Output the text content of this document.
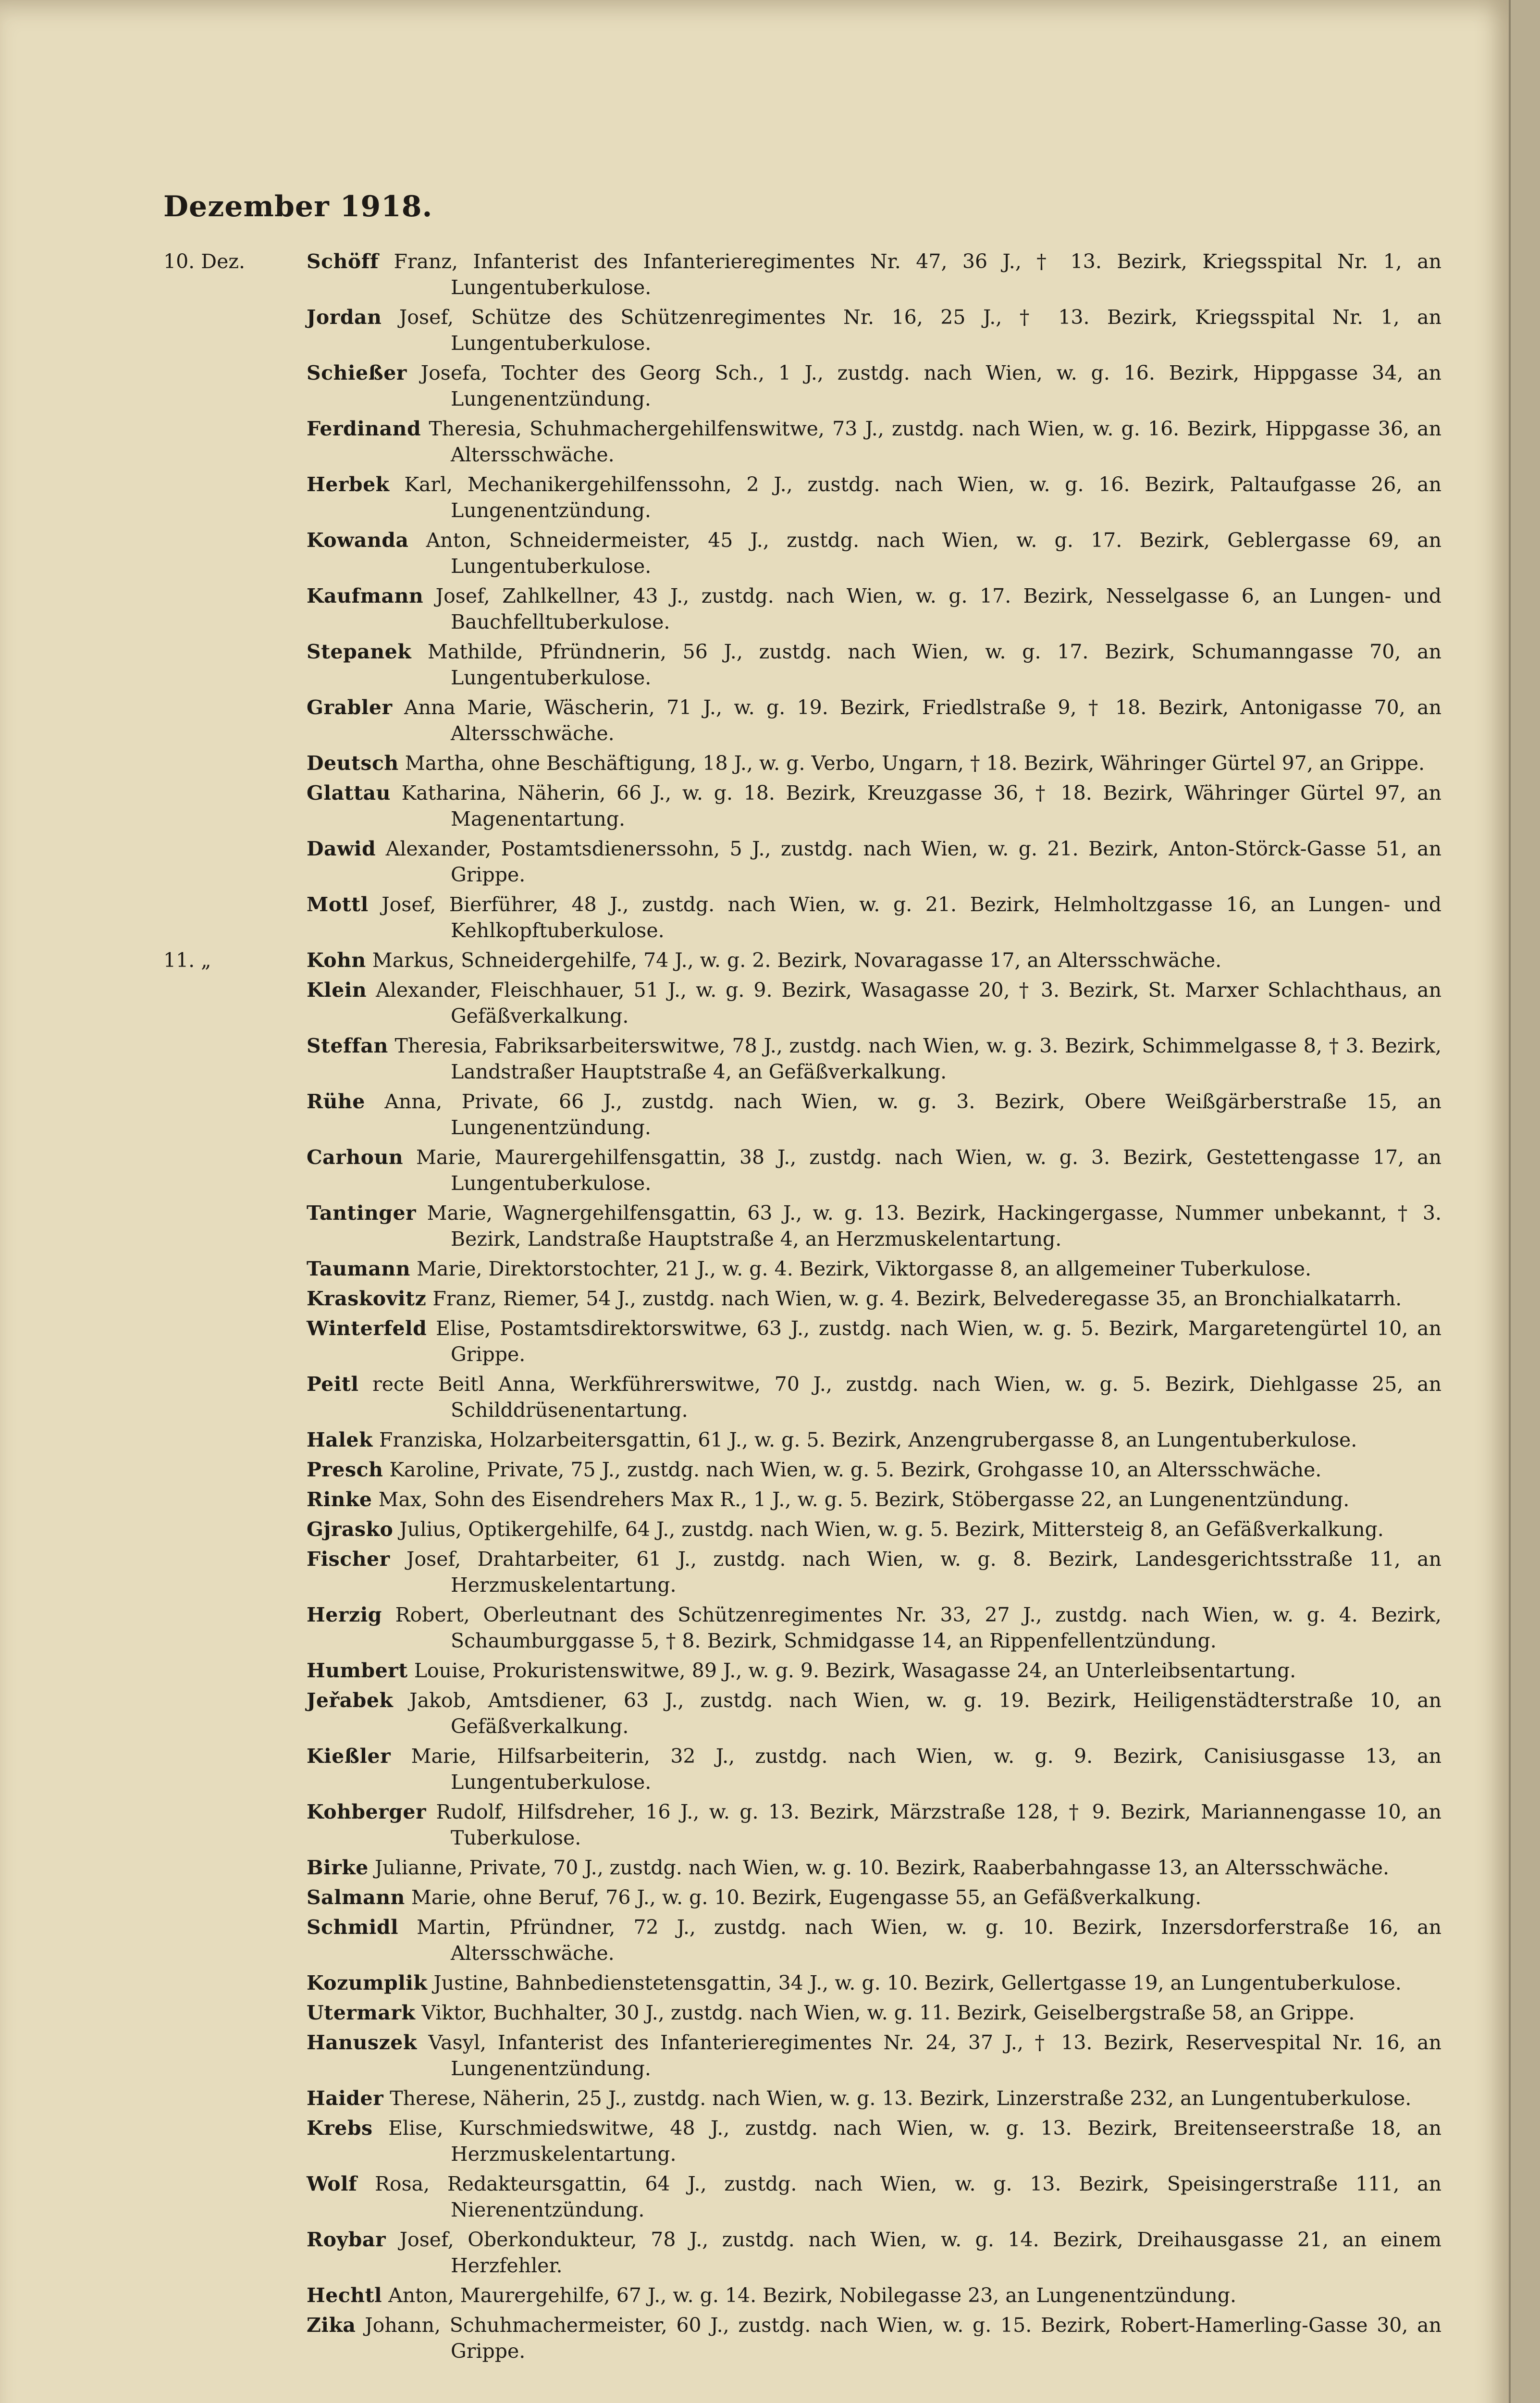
Dezember 1918.
10. Dez.	Schöff Franz, Infanterist des Infanterieregimentes Nr. 47, 36 J., † 13. Bezirk, Kriegsspital Nr. 1, an Lungentuberkulose.
Jordan Josef, Schütze des Schützenregimentes Nr. 16, 25 J., † 13. Bezirk, Kriegsspital Nr. 1, an Lungentuberkulose.
Schießer Josefa, Tochter des Georg Sch., 1 J., zustdg. nach Wien, w. g. 16. Bezirk, Hippgasse 34, an Lungenentzündung.
Ferdinand Theresia, Schuhmachergehilfenswitwe, 73 J., zustdg. nach Wien, w. g. 16. Bezirk, Hippgasse 36, an Altersschwäche.
Herbek Karl, Mechanikergehilfenssohn, 2 J., zustdg. nach Wien, w. g. 16. Bezirk, Paltaufgasse 26, an Lungenentzündung.
Kowanda Anton, Schneidermeister, 45 J., zustdg. nach Wien, w. g. 17. Bezirk, Geblergasse 69, an Lungentuberkulose.
Kaufmann Josef, Zahlkellner, 43 J., zustdg. nach Wien, w. g. 17. Bezirk, Nesselgasse 6, an Lungen- und Bauchfelltuberkulose.
Stepanek Mathilde, Pfründnerin, 56 J., zustdg. nach Wien, w. g. 17. Bezirk, Schumanngasse 70, an Lungentuberkulose.
Grabler Anna Marie, Wäscherin, 71 J., w. g. 19. Bezirk, Friedlstraße 9, † 18. Bezirk, Antonigasse 70, an Altersschwäche.
Deutsch Martha, ohne Beschäftigung, 18 J., w. g. Verbo, Ungarn, † 18. Bezirk, Währinger Gürtel 97, an Grippe.
Glattau Katharina, Näherin, 66 J., w. g. 18. Bezirk, Kreuzgasse 36, † 18. Bezirk, Währinger Gürtel 97, an Magenentartung.
Dawid Alexander, Postamtsdienerssohn, 5 J., zustdg. nach Wien, w. g. 21. Bezirk, Anton-Störck-Gasse 51, an Grippe.
Mottl Josef, Bierführer, 48 J., zustdg. nach Wien, w. g. 21. Bezirk, Helmholtzgasse 16, an Lungen- und Kehlkopftuberkulose.
11. „	Kohn Markus, Schneidergehilfe, 74 J., w. g. 2. Bezirk, Novaragasse 17, an Altersschwäche.
Klein Alexander, Fleischhauer, 51 J., w. g. 9. Bezirk, Wasagasse 20, † 3. Bezirk, St. Marxer Schlachthaus, an Gefäßverkalkung.
Steffan Theresia, Fabriksarbeiterswitwe, 78 J., zustdg. nach Wien, w. g. 3. Bezirk, Schimmelgasse 8, † 3. Bezirk, Landstraßer Hauptstraße 4, an Gefäßverkalkung.
Rühe Anna, Private, 66 J., zustdg. nach Wien, w. g. 3. Bezirk, Obere Weißgärberstraße 15, an Lungenentzündung.
Carhoun Marie, Maurergehilfensgattin, 38 J., zustdg. nach Wien, w. g. 3. Bezirk, Gestettengasse 17, an Lungentuberkulose.
Tantinger Marie, Wagnergehilfensgattin, 63 J., w. g. 13. Bezirk, Hackingergasse, Nummer unbekannt, † 3. Bezirk, Landstraße Hauptstraße 4, an Herzmuskelentartung.
Taumann Marie, Direktorstochter, 21 J., w. g. 4. Bezirk, Viktorgasse 8, an allgemeiner Tuberkulose.
Kraskovitz Franz, Riemer, 54 J., zustdg. nach Wien, w. g. 4. Bezirk, Belvederegasse 35, an Bronchialkatarrh.
Winterfeld Elise, Postamtsdirektorswitwe, 63 J., zustdg. nach Wien, w. g. 5. Bezirk, Margaretengürtel 10, an Grippe.
Peitl recte Beitl Anna, Werkführerswitwe, 70 J., zustdg. nach Wien, w. g. 5. Bezirk, Diehlgasse 25, an Schilddrüsenentartung.
Halek Franziska, Holzarbeitersgattin, 61 J., w. g. 5. Bezirk, Anzengrubergasse 8, an Lungentuberkulose.
Presch Karoline, Private, 75 J., zustdg. nach Wien, w. g. 5. Bezirk, Grohgasse 10, an Altersschwäche.
Rinke Max, Sohn des Eisendrehers Max R., 1 J., w. g. 5. Bezirk, Stöbergasse 22, an Lungenentzündung.
Gjrasko Julius, Optikergehilfe, 64 J., zustdg. nach Wien, w. g. 5. Bezirk, Mittersteig 8, an Gefäßverkalkung.
Fischer Josef, Drahtarbeiter, 61 J., zustdg. nach Wien, w. g. 8. Bezirk, Landesgerichtsstraße 11, an Herzmuskelentartung.
Herzig Robert, Oberleutnant des Schützenregimentes Nr. 33, 27 J., zustdg. nach Wien, w. g. 4. Bezirk, Schaumburggasse 5, † 8. Bezirk, Schmidgasse 14, an Rippenfellentzündung.
Humbert Louise, Prokuristenswitwe, 89 J., w. g. 9. Bezirk, Wasagasse 24, an Unterleibsentartung.
Jeřabek Jakob, Amtsdiener, 63 J., zustdg. nach Wien, w. g. 19. Bezirk, Heiligenstädterstraße 10, an Gefäßverkalkung.
Kießler Marie, Hilfsarbeiterin, 32 J., zustdg. nach Wien, w. g. 9. Bezirk, Canisiusgasse 13, an Lungentuberkulose.
Kohberger Rudolf, Hilfsdreher, 16 J., w. g. 13. Bezirk, Märzstraße 128, † 9. Bezirk, Mariannengasse 10, an Tuberkulose.
Birke Julianne, Private, 70 J., zustdg. nach Wien, w. g. 10. Bezirk, Raaberbahngasse 13, an Altersschwäche.
Salmann Marie, ohne Beruf, 76 J., w. g. 10. Bezirk, Eugengasse 55, an Gefäßverkalkung.
Schmidl Martin, Pfründner, 72 J., zustdg. nach Wien, w. g. 10. Bezirk, Inzersdorferstraße 16, an Altersschwäche.
Kozumplik Justine, Bahnbedienstetensgattin, 34 J., w. g. 10. Bezirk, Gellertgasse 19, an Lungentuberkulose.
Utermark Viktor, Buchhalter, 30 J., zustdg. nach Wien, w. g. 11. Bezirk, Geiselbergstraße 58, an Grippe.
Hanuszek Vasyl, Infanterist des Infanterieregimentes Nr. 24, 37 J., † 13. Bezirk, Reservespital Nr. 16, an Lungenentzündung.
Haider Therese, Näherin, 25 J., zustdg. nach Wien, w. g. 13. Bezirk, Linzerstraße 232, an Lungentuberkulose.
Krebs Elise, Kurschmiedswitwe, 48 J., zustdg. nach Wien, w. g. 13. Bezirk, Breitenseerstraße 18, an Herzmuskelentartung.
Wolf Rosa, Redakteursgattin, 64 J., zustdg. nach Wien, w. g. 13. Bezirk, Speisingerstraße 111, an Nierenentzündung.
Roybar Josef, Oberkondukteur, 78 J., zustdg. nach Wien, w. g. 14. Bezirk, Dreihausgasse 21, an einem Herzfehler.
Hechtl Anton, Maurergehilfe, 67 J., w. g. 14. Bezirk, Nobilegasse 23, an Lungenentzündung.
Zika Johann, Schuhmachermeister, 60 J., zustdg. nach Wien, w. g. 15. Bezirk, Robert-Hamerling-Gasse 30, an Grippe.
